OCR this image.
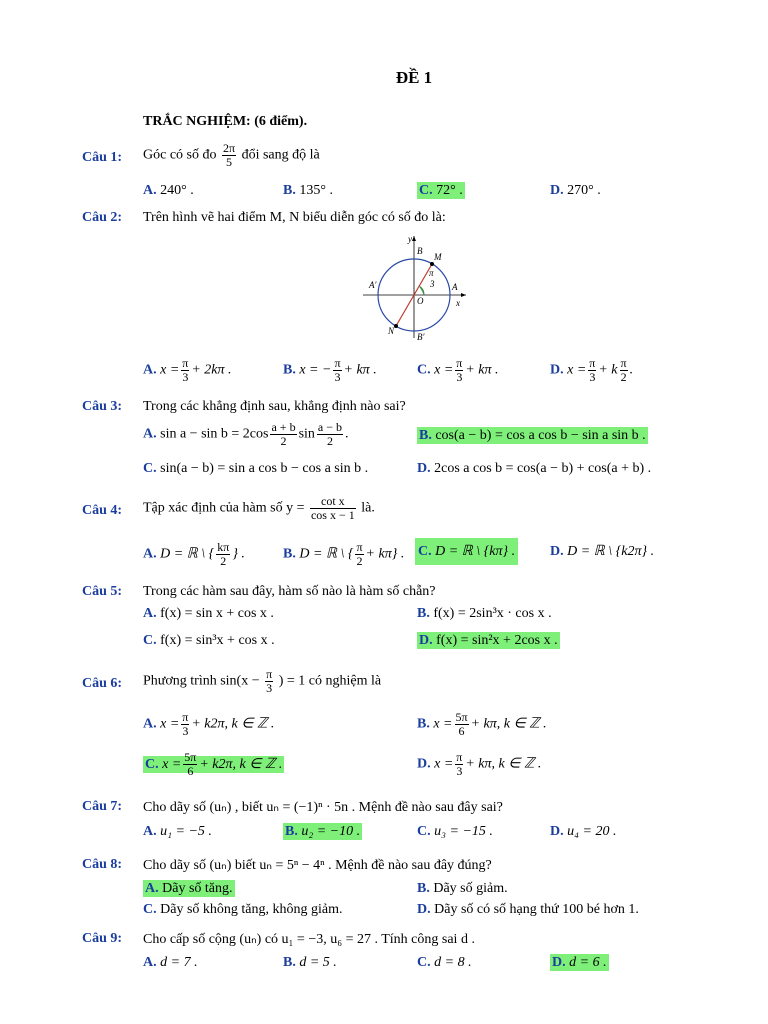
ĐỀ 1
TRẮC NGHIỆM: (6 điểm).
Câu 1: Góc có số đo $\frac{2\pi}{5}$ đổi sang độ là
A. 240° .	B. 135° .	C. 72° .	D. 270° .
Câu 2: Trên hình vẽ hai điểm M, N biểu diễn góc có số đo là:
y
B
M
π
3
A′	A
O	x
N
B′
A. $x = \frac{\pi}{3} + 2k\pi$ .	B. x = − $\frac{\pi}{3} + k\pi$ .	C. $x = \frac{\pi}{3} + k\pi$ .	D. $x = \frac{\pi}{3} + k \frac{\pi}{2}$ .
Câu 3: Trong các khẳng định sau, khẳng định nào sai?
A. $\sin a - \sin b = 2\cos \frac{a + b}{2}$ $\sin \frac{a - b}{2}$ .	B. cos(a − b) = cos a cos b − sin a sin b .
C. sin(a − b) = sin a cos b − cos a sin b .	D. 2cos a cos b = cos(a − b) + cos(a + b) .
Câu 4: Tập xác định của hàm số $y = \frac{\text{cot x}}{\text{cos x − 1}}$ là.
A. D = ℝ \ { $\frac{k\pi}{2}$ } .	B. D = ℝ \ { $\frac{\pi}{2} + k\pi$} . C. D = ℝ \ {kπ} . D. D = ℝ \ {k2π} .
Câu 5: Trong các hàm sau đây, hàm số nào là hàm số chẵn?
A. f(x) = sin x + cos x .	B. f(x) = 2sin³x · cos x .
C. f(x) = sin³x + cos x .	D. f(x) = sin²x + 2cos x .
Câu 6: Phương trình $\sin(x - \frac{\pi}{3}$ ) = 1 có nghiệm là
A. $x = \frac{\pi}{3} + k2\pi$, k ∈ ℤ .	B. $x = \frac{5\pi}{6} + k\pi$, k ∈ ℤ .
C. $x = \frac{5\pi}{6} + k2\pi$, k ∈ ℤ .	D. $x = \frac{\pi}{3} + k\pi$, k ∈ ℤ .
Câu 7: Cho dãy số (uₙ) , biết uₙ = (−1)ⁿ · 5n . Mệnh đề nào sau đây sai?
A. u₁ = −5 .	B. u₂ = −10 .	C. u₃ = −15 .	D. u₄ = 20 .
Câu 8: Cho dãy số (uₙ) biết uₙ = 5ⁿ − 4ⁿ . Mệnh đề nào sau đây đúng?
A. Dãy số tăng.	B. Dãy số giảm.
C. Dãy số không tăng, không giảm.	D. Dãy số có số hạng thứ 100 bé hơn 1.
Câu 9: Cho cấp số cộng (uₙ) có u₁ = −3, u₆ = 27 . Tính công sai d .
A. d = 7 .	B. d = 5 .	C. d = 8 .	D. d = 6 .
